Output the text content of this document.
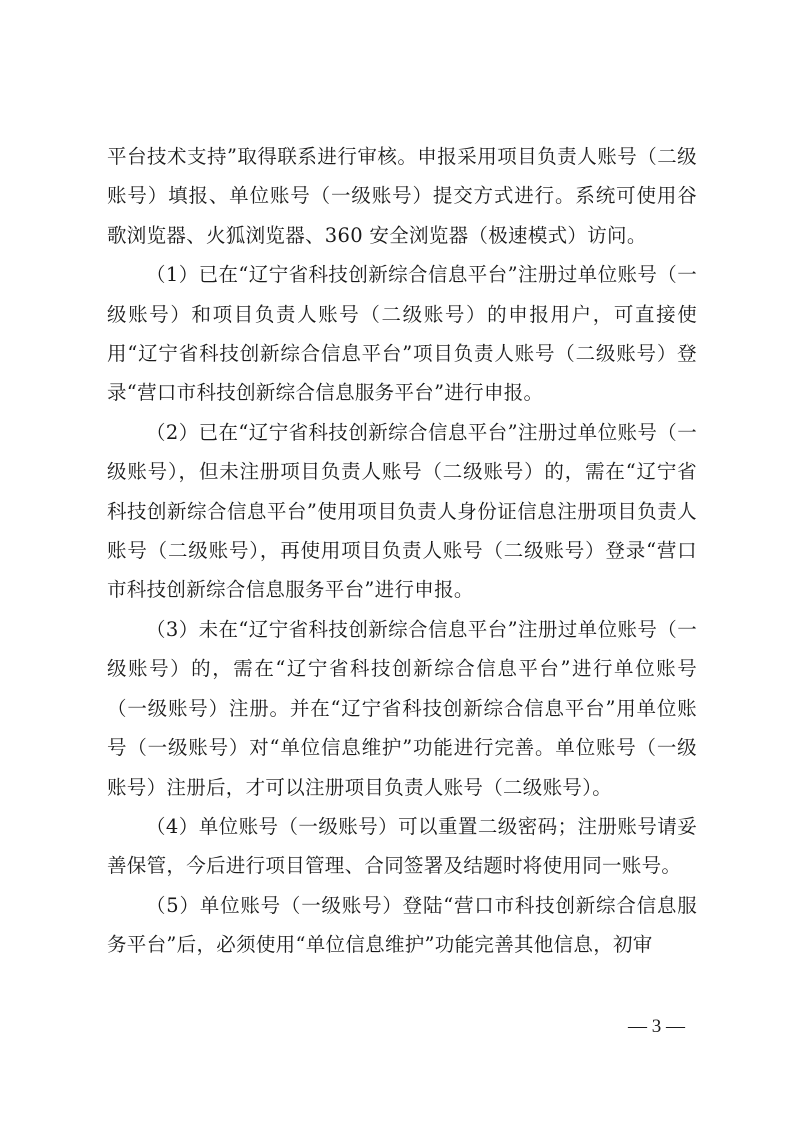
平台技术支持”取得联系进行审核。申报采用项目负责人账号（二级账号）填报、单位账号（一级账号）提交方式进行。系统可使用谷歌浏览器、火狐浏览器、360 安全浏览器（极速模式）访问。

（1）已在“辽宁省科技创新综合信息平台”注册过单位账号（一级账号）和项目负责人账号（二级账号）的申报用户，可直接使用“辽宁省科技创新综合信息平台”项目负责人账号（二级账号）登录“营口市科技创新综合信息服务平台”进行申报。

（2）已在“辽宁省科技创新综合信息平台”注册过单位账号（一级账号），但未注册项目负责人账号（二级账号）的，需在“辽宁省科技创新综合信息平台”使用项目负责人身份证信息注册项目负责人账号（二级账号），再使用项目负责人账号（二级账号）登录“营口市科技创新综合信息服务平台”进行申报。

（3）未在“辽宁省科技创新综合信息平台”注册过单位账号（一级账号）的，需在“辽宁省科技创新综合信息平台”进行单位账号（一级账号）注册。并在“辽宁省科技创新综合信息平台”用单位账号（一级账号）对“单位信息维护”功能进行完善。单位账号（一级账号）注册后，才可以注册项目负责人账号（二级账号）。

（4）单位账号（一级账号）可以重置二级密码；注册账号请妥善保管，今后进行项目管理、合同签署及结题时将使用同一账号。

（5）单位账号（一级账号）登陆“营口市科技创新综合信息服务平台”后，必须使用“单位信息维护”功能完善其他信息，初审

— 3 —
